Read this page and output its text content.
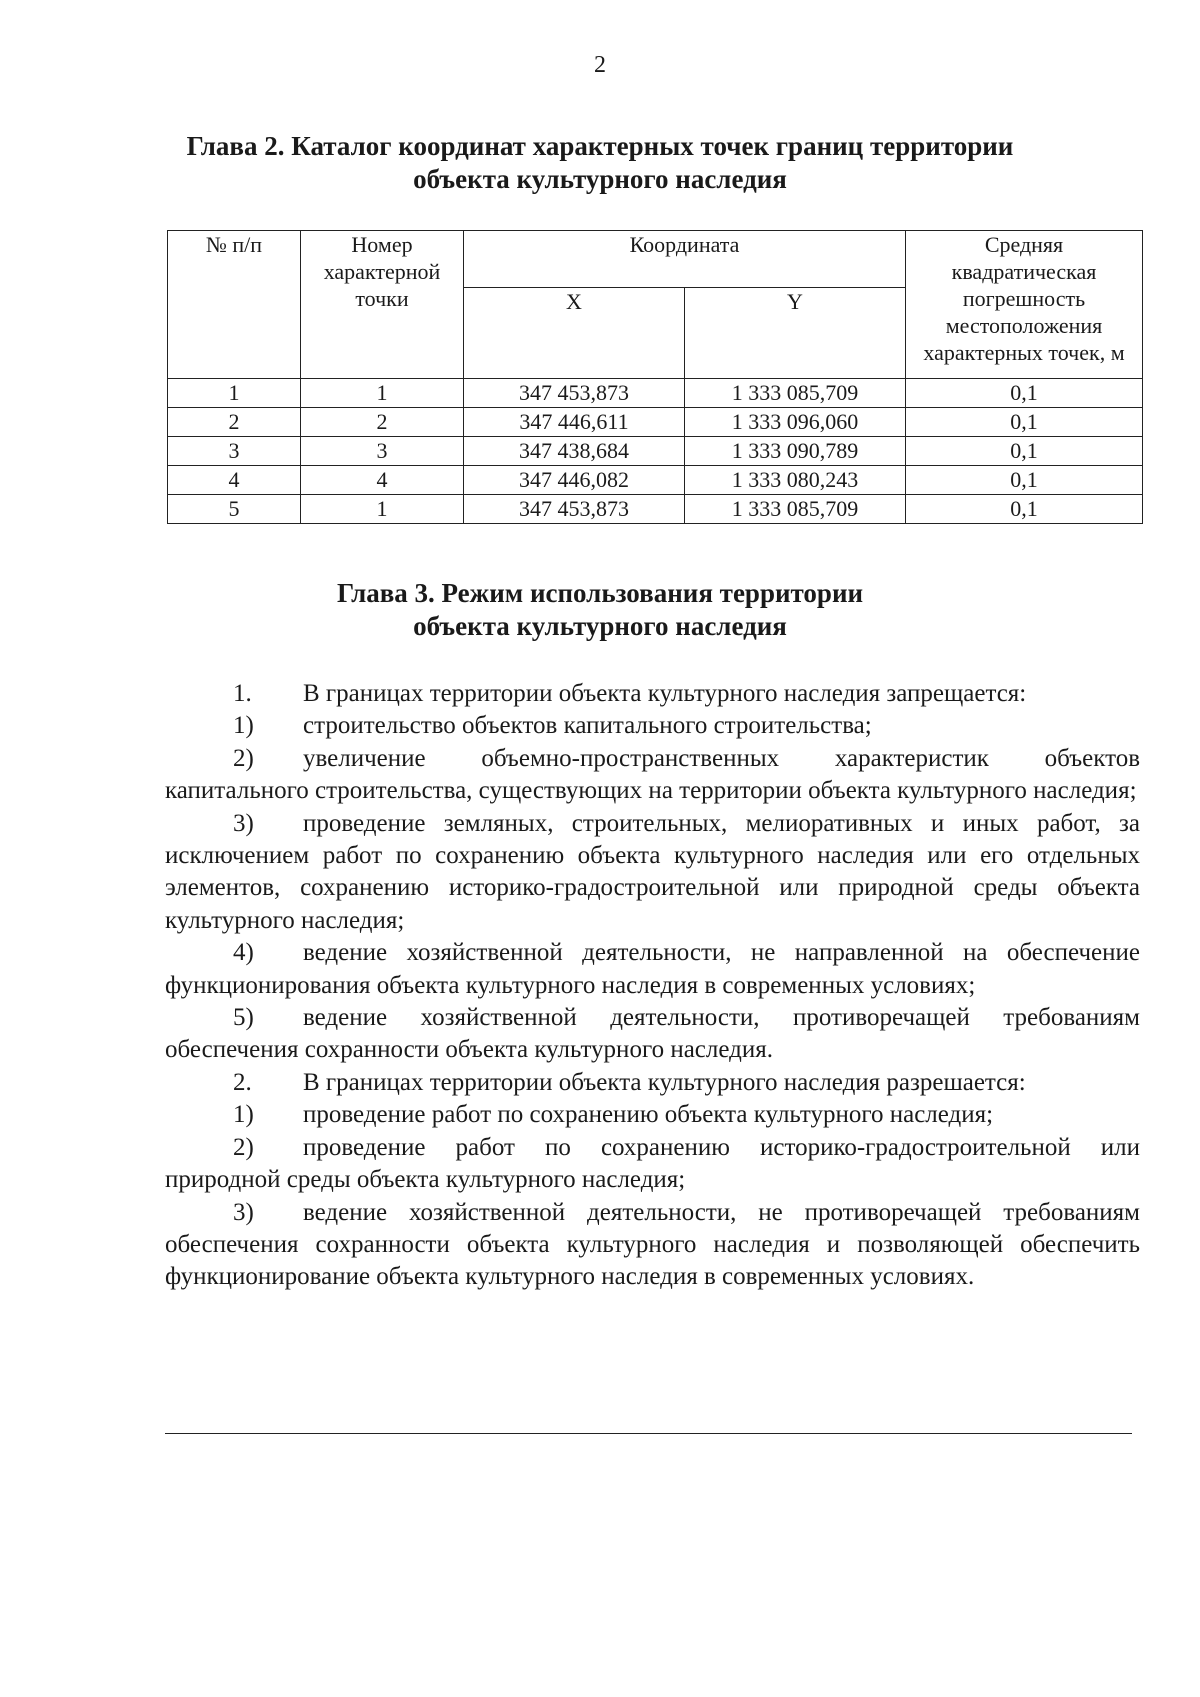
2
Глава 2. Каталог координат характерных точек границ территории
объекта культурного наследия
№ п/п	Номер характерной точки	Координата		Средняя квадратическая погрешность местоположения характерных точек, м
		X	Y	
1	1	347 453,873	1 333 085,709	0,1
2	2	347 446,611	1 333 096,060	0,1
3	3	347 438,684	1 333 090,789	0,1
4	4	347 446,082	1 333 080,243	0,1
5	1	347 453,873	1 333 085,709	0,1
Глава 3. Режим использования территории
объекта культурного наследия

1. В границах территории объекта культурного наследия запрещается:

1) строительство объектов капитального строительства;

2) увеличение объемно-пространственных характеристик объектов капитального строительства, существующих на территории объекта культурного наследия;

3) проведение земляных, строительных, мелиоративных и иных работ, за исключением работ по сохранению объекта культурного наследия или его отдельных элементов, сохранению историко-градостроительной или природной среды объекта культурного наследия;

4) ведение хозяйственной деятельности, не направленной на обеспечение функционирования объекта культурного наследия в современных условиях;

5) ведение хозяйственной деятельности, противоречащей требованиям обеспечения сохранности объекта культурного наследия.

2. В границах территории объекта культурного наследия разрешается:

1) проведение работ по сохранению объекта культурного наследия;

2) проведение работ по сохранению историко-градостроительной или природной среды объекта культурного наследия;

3) ведение хозяйственной деятельности, не противоречащей требованиям обеспечения сохранности объекта культурного наследия и позволяющей обеспечить функционирование объекта культурного наследия в современных условиях.
